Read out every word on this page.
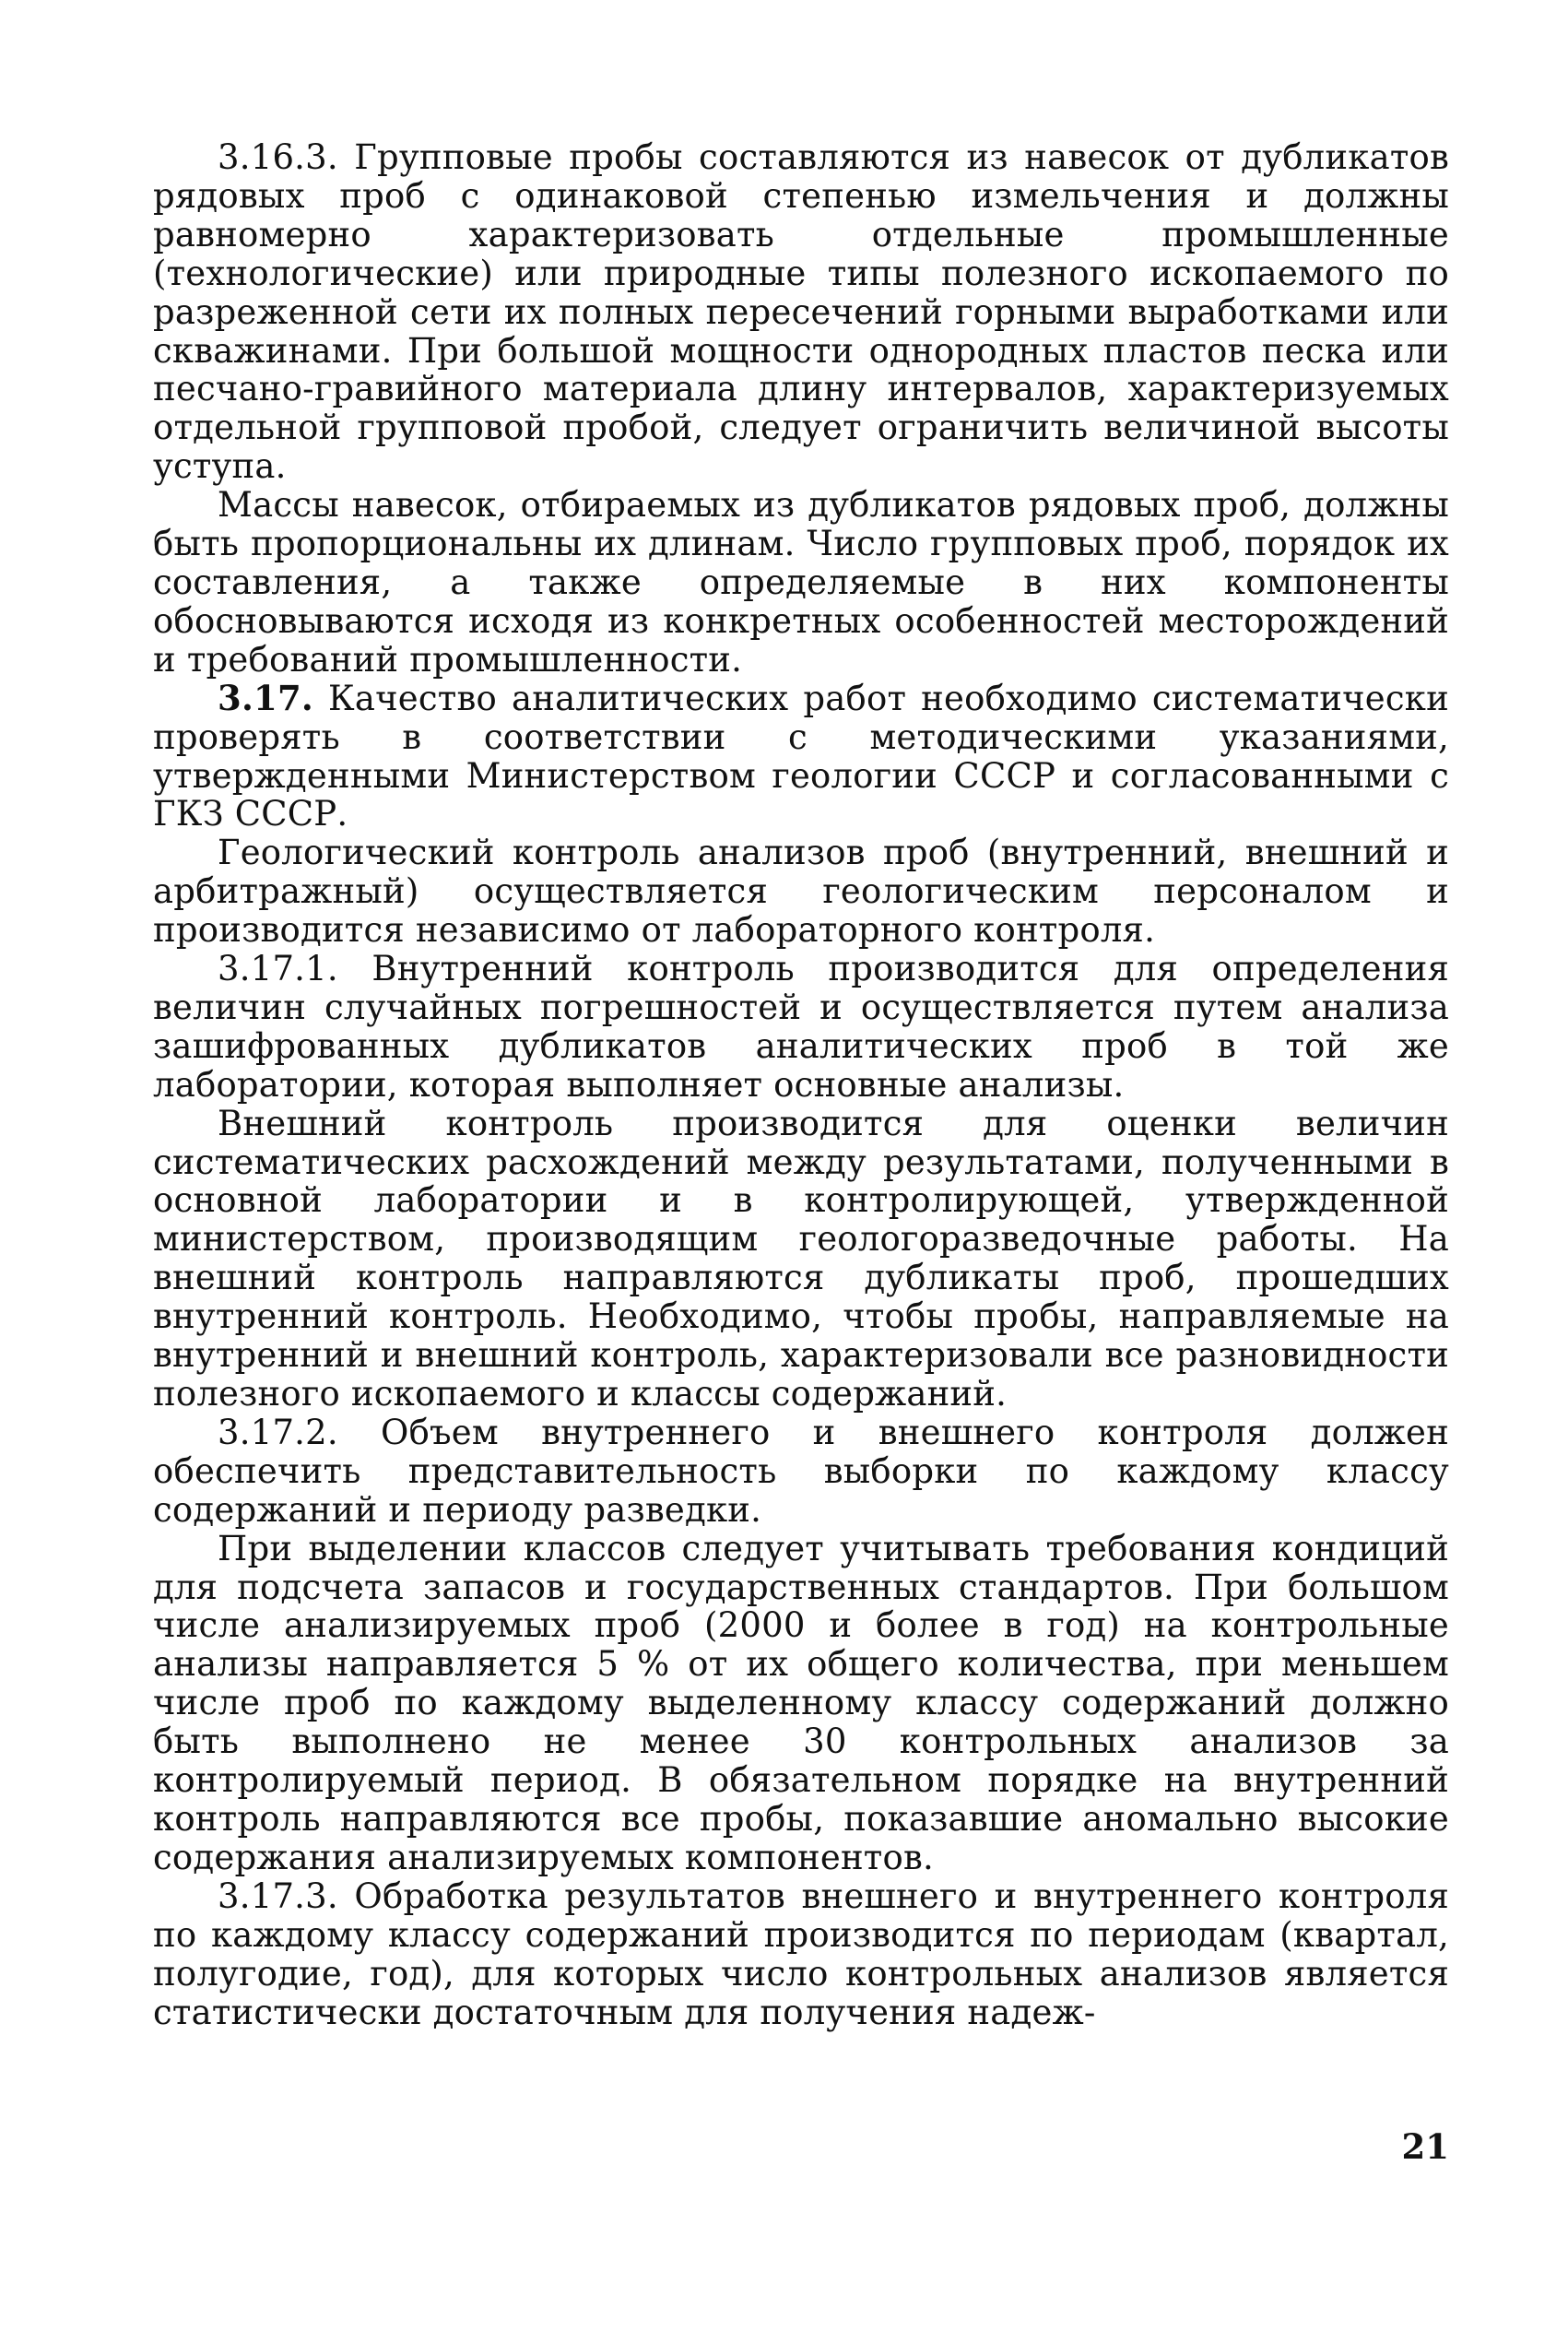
3.16.3. Групповые пробы составляются из навесок от дубликатов рядовых проб с одинаковой степенью измельчения и должны равномерно характеризовать отдельные промышленные (технологические) или природные типы полезного ископаемого по разреженной сети их полных пересечений горными выработками или скважинами. При большой мощности однородных пластов песка или песчано-гравийного материала длину интервалов, характеризуемых отдельной групповой пробой, следует ограничить величиной высоты уступа.

Массы навесок, отбираемых из дубликатов рядовых проб, должны быть пропорциональны их длинам. Число групповых проб, порядок их составления, а также определяемые в них компоненты обосновываются исходя из конкретных особенностей месторождений и требований промышленности.

3.17. Качество аналитических работ необходимо систематически проверять в соответствии с методическими указаниями, утвержденными Министерством геологии СССР и согласованными с ГКЗ СССР.

Геологический контроль анализов проб (внутренний, внешний и арбитражный) осуществляется геологическим персоналом и производится независимо от лабораторного контроля.

3.17.1. Внутренний контроль производится для определения величин случайных погрешностей и осуществляется путем анализа зашифрованных дубликатов аналитических проб в той же лаборатории, которая выполняет основные анализы.

Внешний контроль производится для оценки величин систематических расхождений между результатами, полученными в основной лаборатории и в контролирующей, утвержденной министерством, производящим геологоразведочные работы. На внешний контроль направляются дубликаты проб, прошедших внутренний контроль. Необходимо, чтобы пробы, направляемые на внутренний и внешний контроль, характеризовали все разновидности полезного ископаемого и классы содержаний.

3.17.2. Объем внутреннего и внешнего контроля должен обеспечить представительность выборки по каждому классу содержаний и периоду разведки.

При выделении классов следует учитывать требования кондиций для подсчета запасов и государственных стандартов. При большом числе анализируемых проб (2000 и более в год) на контрольные анализы направляется 5 % от их общего количества, при меньшем числе проб по каждому выделенному классу содержаний должно быть выполнено не менее 30 контрольных анализов за контролируемый период. В обязательном порядке на внутренний контроль направляются все пробы, показавшие аномально высокие содержания анализируемых компонентов.

3.17.3. Обработка результатов внешнего и внутреннего контроля по каждому классу содержаний производится по периодам (квартал, полугодие, год), для которых число контрольных анализов является статистически достаточным для получения надеж-

21
